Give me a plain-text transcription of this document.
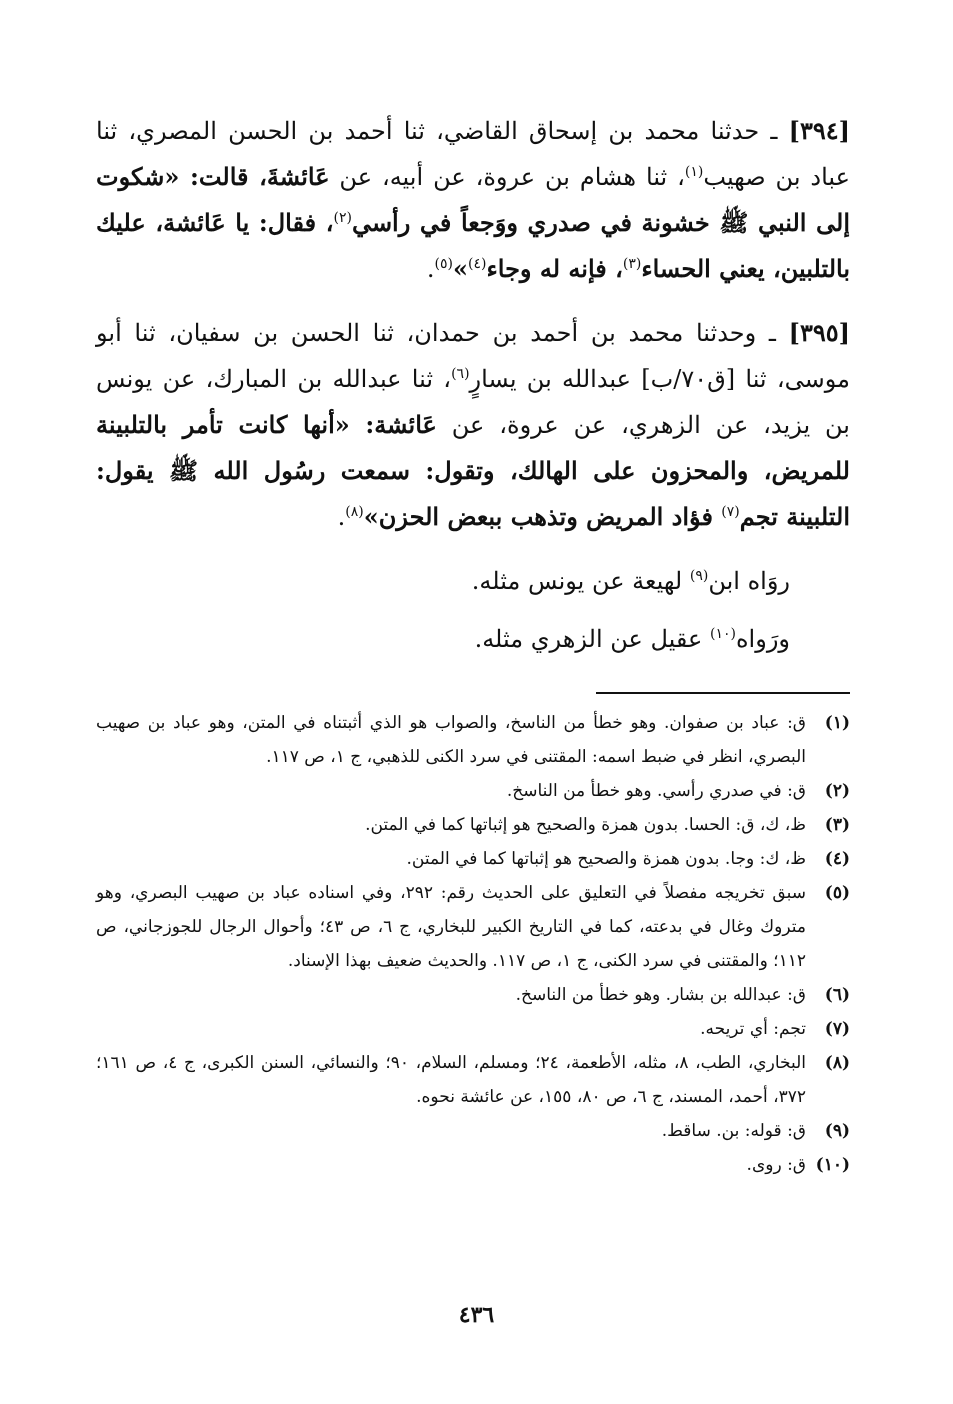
[٣٩٤] ـ حدثنا محمد بن إسحاق القاضي، ثنا أحمد بن الحسن المصري، ثنا عباد بن صهيب$^{(١)}$، ثنا هشام بن عروة، عن أبيه، عن عَائشةَ، قالت: «شكوت إلى النبي ﷺ خشونة في صدري ووَجعاً في رأسي$^{(٢)}$، فقال: يا عَائشة، عليك بالتلبين، يعني الحساء$^{(٣)}$، فإنه له وجاء$^{(٤)}$»$^{(٥)}$.

[٣٩٥] ـ وحدثنا محمد بن أحمد بن حمدان، ثنا الحسن بن سفيان، ثنا أبو موسى، ثنا [ق٧٠/ب] عبدالله بن يسارٍ$^{(٦)}$، ثنا عبدالله بن المبارك، عن يونس بن يزيد، عن الزهري، عن عروة، عن عَائشة: «أنها كانت تأمر بالتلبينة للمريض، والمحزون على الهالك، وتقول: سمعت رسُول الله ﷺ يقول: التلبينة تجم$^{(٧)}$ فؤاد المريض وتذهب ببعض الحزن»$^{(٨)}$.

روَاه ابن$^{(٩)}$ لهيعة عن يونس مثله.

ورَواه$^{(١٠)}$ عقيل عن الزهري مثله.

(١)
ق: عباد بن صفوان. وهو خطأ من الناسخ، والصواب هو الذي أثبتناه في المتن، وهو عباد بن صهيب البصري، انظر في ضبط اسمه: المقتنى في سرد الكنى للذهبي، ج ١، ص ١١٧.
(٢)
ق: في صدري رأسي. وهو خطأ من الناسخ.
(٣)
ظ، ك، ق: الحسا. بدون همزة والصحيح هو إثباتها كما في المتن.
(٤)
ظ، ك: وجا. بدون همزة والصحيح هو إثباتها كما في المتن.
(٥)
سبق تخريجه مفصلاً في التعليق على الحديث رقم: ٢٩٢، وفي اسناده عباد بن صهيب البصري، وهو متروك وغال في بدعته، كما في التاريخ الكبير للبخاري، ج ٦، ص ٤٣؛ وأحوال الرجال للجوزجاني، ص ١١٢؛ والمقتنى في سرد الكنى، ج ١، ص ١١٧. والحديث ضعيف بهذا الإسناد.
(٦)
ق: عبدالله بن بشار. وهو خطأ من الناسخ.
(٧)
تجم: أي تريحه.
(٨)
البخاري، الطب، ٨، مثله، الأطعمة، ٢٤؛ ومسلم، السلام، ٩٠؛ والنسائي، السنن الكبرى، ج ٤، ص ١٦١؛ ٣٧٢، أحمد، المسند، ج ٦، ص ٨٠، ١٥٥، عن عائشة نحوه.
(٩)
ق: قوله: بن. ساقط.
(١٠)
ق: روى.
٤٣٦
